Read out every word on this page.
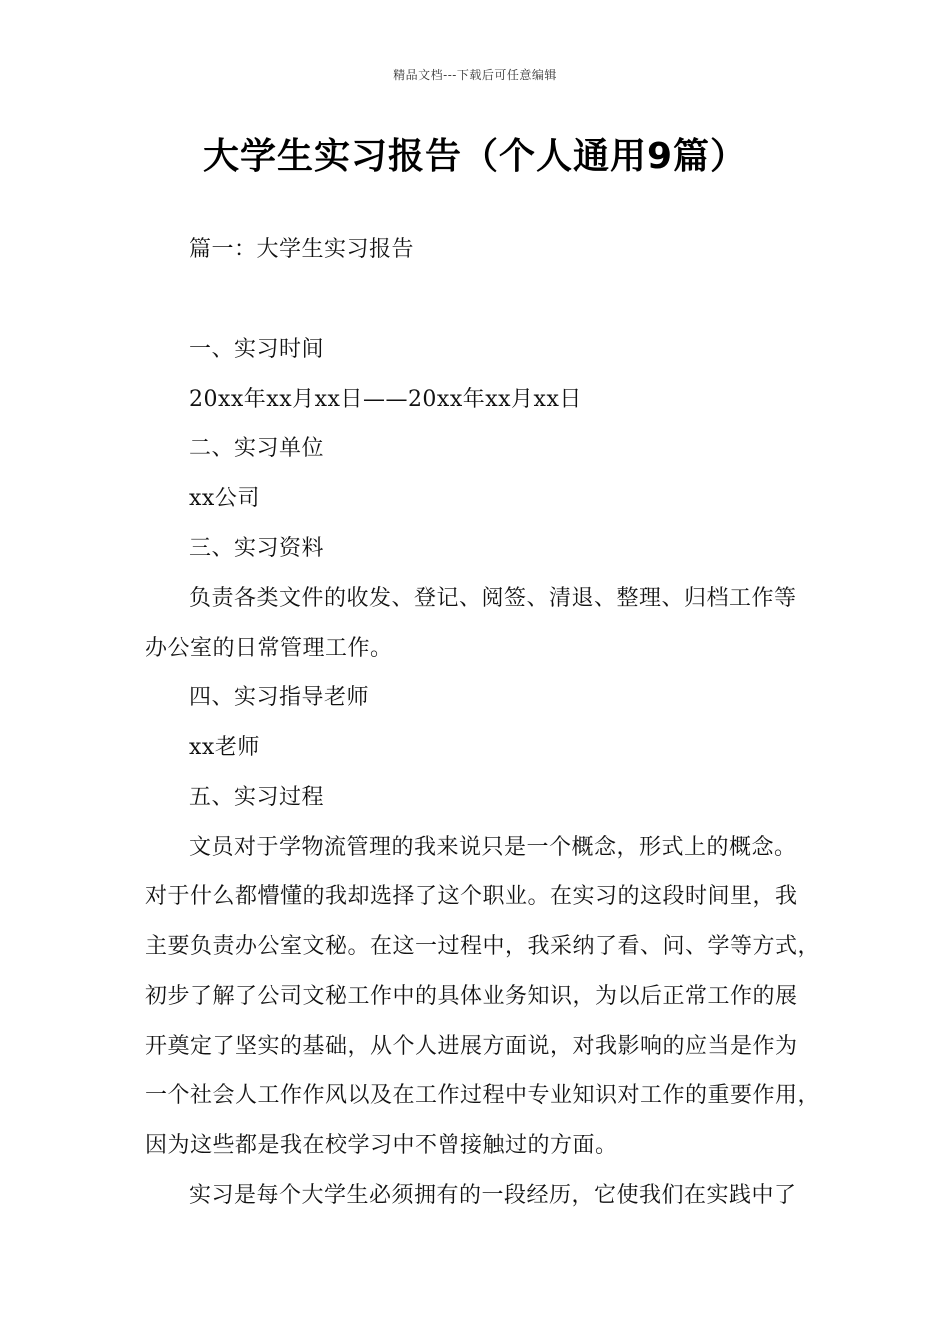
精品文档---下载后可任意编辑
大学生实习报告（个人通用9篇）
篇一：大学生实习报告
一、实习时间
20xx年xx月xx日——20xx年xx月xx日
二、实习单位
xx公司
三、实习资料
负责各类文件的收发、登记、阅签、清退、整理、归档工作等
办公室的日常管理工作。
四、实习指导老师
xx老师
五、实习过程
文员对于学物流管理的我来说只是一个概念，形式上的概念。
对于什么都懵懂的我却选择了这个职业。在实习的这段时间里，我
主要负责办公室文秘。在这一过程中，我采纳了看、问、学等方式，
初步了解了公司文秘工作中的具体业务知识，为以后正常工作的展
开奠定了坚实的基础，从个人进展方面说，对我影响的应当是作为
一个社会人工作作风以及在工作过程中专业知识对工作的重要作用，
因为这些都是我在校学习中不曾接触过的方面。
实习是每个大学生必须拥有的一段经历，它使我们在实践中了
